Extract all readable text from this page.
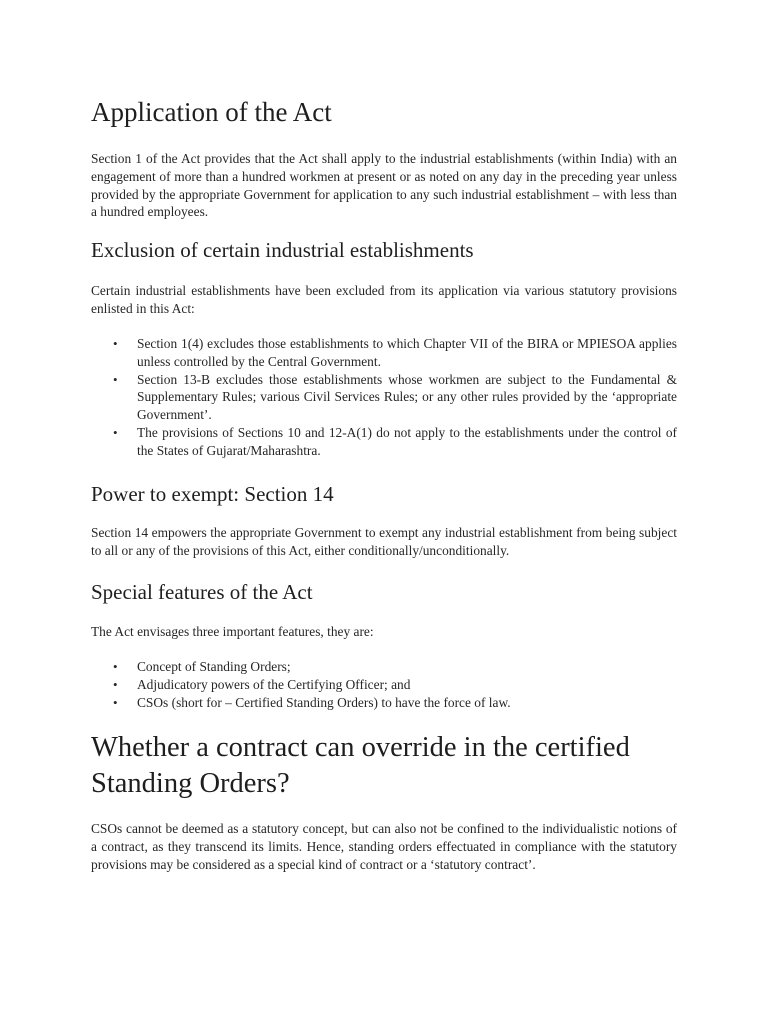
Application of the Act

Section 1 of the Act provides that the Act shall apply to the industrial establishments (within India) with an engagement of more than a hundred workmen at present or as noted on any day in the preceding year unless provided by the appropriate Government for application to any such industrial establishment – with less than a hundred employees.

Exclusion of certain industrial establishments

Certain industrial establishments have been excluded from its application via various statutory provisions enlisted in this Act:

• Section 1(4) excludes those establishments to which Chapter VII of the BIRA or MPIESOA applies unless controlled by the Central Government.
• Section 13-B excludes those establishments whose workmen are subject to the Fundamental & Supplementary Rules; various Civil Services Rules; or any other rules provided by the ‘appropriate Government’.
• The provisions of Sections 10 and 12-A(1) do not apply to the establishments under the control of the States of Gujarat/Maharashtra.
Power to exempt: Section 14

Section 14 empowers the appropriate Government to exempt any industrial establishment from being subject to all or any of the provisions of this Act, either conditionally/unconditionally.

Special features of the Act

The Act envisages three important features, they are:

• Concept of Standing Orders;
• Adjudicatory powers of the Certifying Officer; and
• CSOs (short for – Certified Standing Orders) to have the force of law.
Whether a contract can override in the certified Standing Orders?

CSOs cannot be deemed as a statutory concept, but can also not be confined to the individualistic notions of a contract, as they transcend its limits. Hence, standing orders effectuated in compliance with the statutory provisions may be considered as a special kind of contract or a ‘statutory contract’.
